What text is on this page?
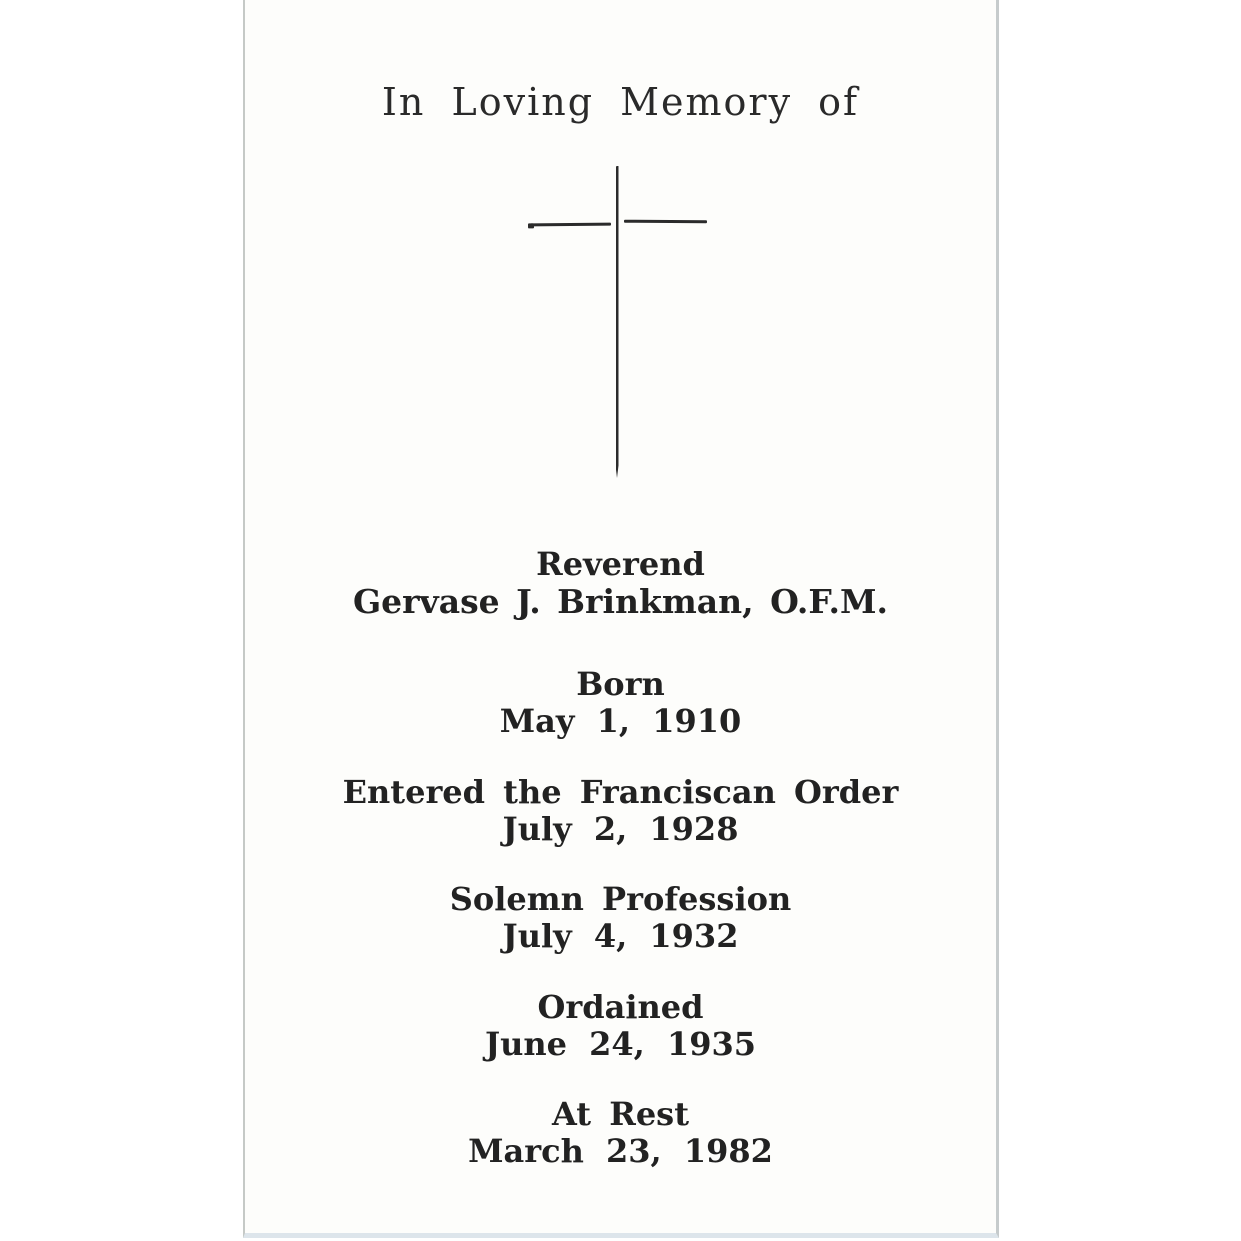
In Loving Memory of
Reverend
Gervase J. Brinkman, O.F.M.
Born
May 1, 1910
Entered the Franciscan Order
July 2, 1928
Solemn Profession
July 4, 1932
Ordained
June 24, 1935
At Rest
March 23, 1982
